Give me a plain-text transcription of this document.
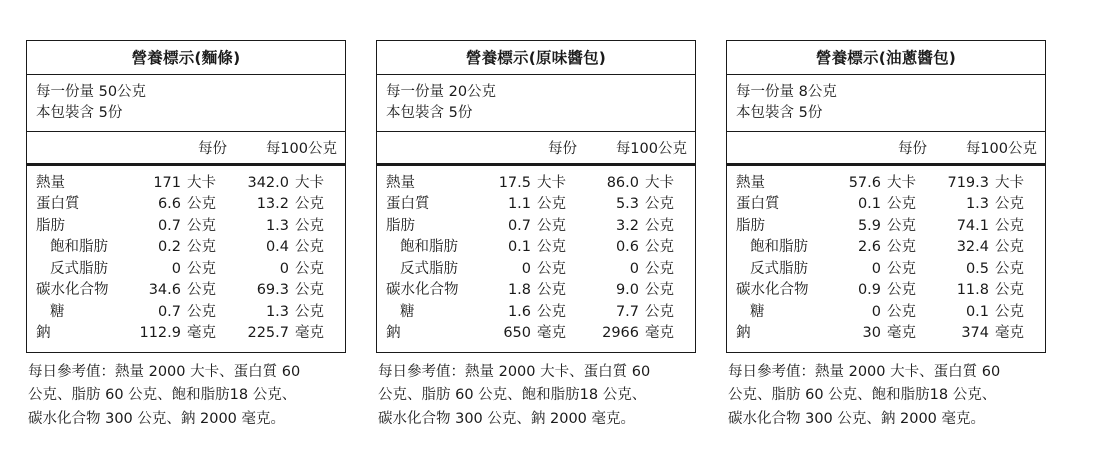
營養標示(麵條)
每一份量 50公克
本包裝含 5份
每份	每100公克
熱量	171 大卡	342.0 大卡
蛋白質	6.6 公克	13.2 公克
脂肪	0.7 公克	1.3 公克
飽和脂肪	0.2 公克	0.4 公克
反式脂肪	0 公克	0 公克
碳水化合物	34.6 公克	69.3 公克
糖	0.7 公克	1.3 公克
鈉	112.9 毫克	225.7 毫克
每日參考值：熱量 2000 大卡、蛋白質 60
公克、脂肪 60 公克、飽和脂肪18 公克、
碳水化合物 300 公克、鈉 2000 毫克。
營養標示(原味醬包)
每一份量 20公克
本包裝含 5份
每份	每100公克
熱量	17.5 大卡	86.0 大卡
蛋白質	1.1 公克	5.3 公克
脂肪	0.7 公克	3.2 公克
飽和脂肪	0.1 公克	0.6 公克
反式脂肪	0 公克	0 公克
碳水化合物	1.8 公克	9.0 公克
糖	1.6 公克	7.7 公克
鈉	650 毫克	2966 毫克
每日參考值：熱量 2000 大卡、蛋白質 60
公克、脂肪 60 公克、飽和脂肪18 公克、
碳水化合物 300 公克、鈉 2000 毫克。
營養標示(油蔥醬包)
每一份量 8公克
本包裝含 5份
每份	每100公克
熱量	57.6 大卡	719.3 大卡
蛋白質	0.1 公克	1.3 公克
脂肪	5.9 公克	74.1 公克
飽和脂肪	2.6 公克	32.4 公克
反式脂肪	0 公克	0.5 公克
碳水化合物	0.9 公克	11.8 公克
糖	0 公克	0.1 公克
鈉	30 毫克	374 毫克
每日參考值：熱量 2000 大卡、蛋白質 60
公克、脂肪 60 公克、飽和脂肪18 公克、
碳水化合物 300 公克、鈉 2000 毫克。
